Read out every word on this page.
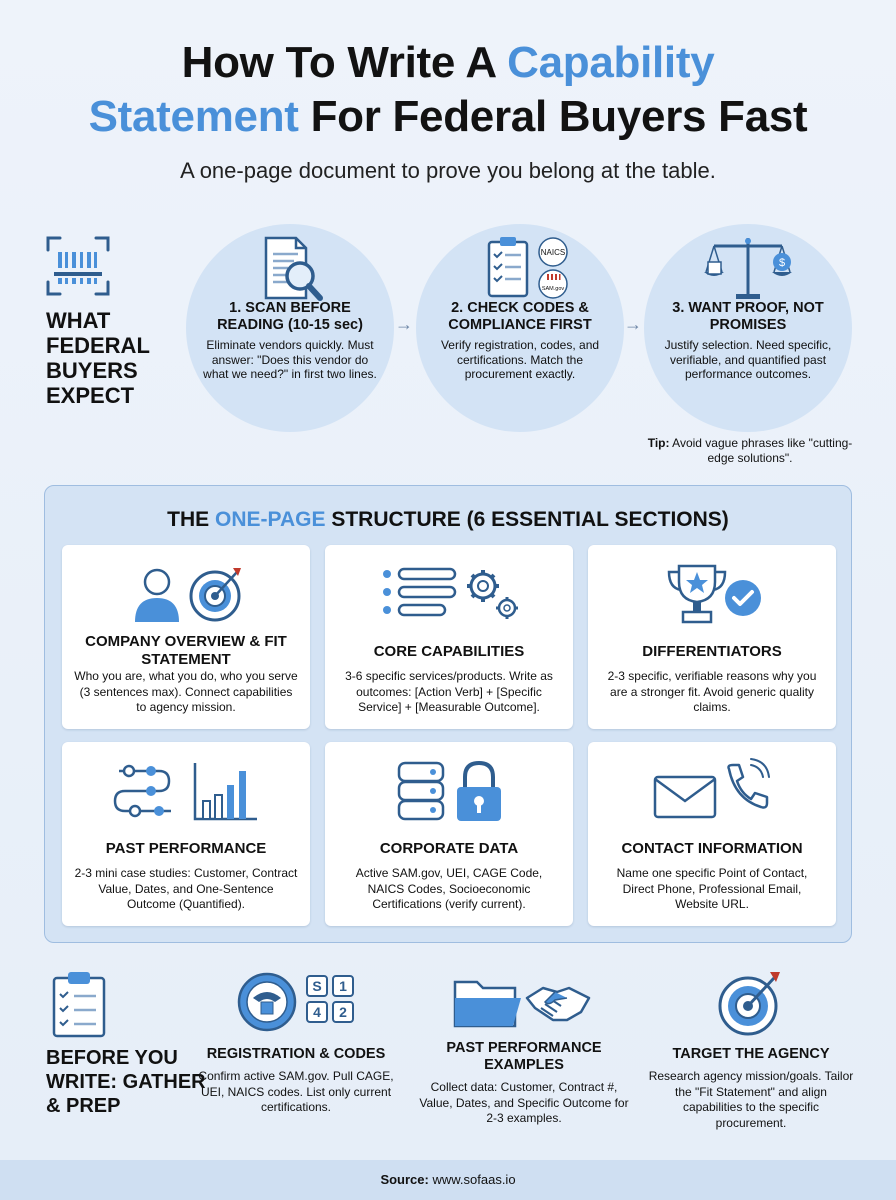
How To Write A Capability
Statement For Federal Buyers Fast
A one-page document to prove you belong at the table.
WHAT FEDERAL BUYERS EXPECT
1. SCAN BEFORE READING (10-15 sec)

Eliminate vendors quickly. Must answer: "Does this vendor do what we need?" in first two lines.

→
NAICS
SAM.gov
2. CHECK CODES & COMPLIANCE FIRST

Verify registration, codes, and certifications. Match the procurement exactly.

→
$
3. WANT PROOF, NOT PROMISES

Justify selection. Need specific, verifiable, and quantified past performance outcomes.

Tip: Avoid vague phrases like "cutting-edge solutions".
THE ONE-PAGE STRUCTURE (6 ESSENTIAL SECTIONS)
COMPANY OVERVIEW & FIT STATEMENT

Who you are, what you do, who you serve (3 sentences max). Connect capabilities to agency mission.

CORE CAPABILITIES

3-6 specific services/products. Write as outcomes: [Action Verb] + [Specific Service] + [Measurable Outcome].

DIFFERENTIATORS

2-3 specific, verifiable reasons why you are a stronger fit. Avoid generic quality claims.

PAST PERFORMANCE

2-3 mini case studies: Customer, Contract Value, Dates, and One-Sentence Outcome (Quantified).

CORPORATE DATA

Active SAM.gov, UEI, CAGE Code, NAICS Codes, Socioeconomic Certifications (verify current).

CONTACT INFORMATION

Name one specific Point of Contact, Direct Phone, Professional Email, Website URL.

BEFORE YOU WRITE: GATHER & PREP
S 1
4 2
REGISTRATION & CODES

Confirm active SAM.gov. Pull CAGE, UEI, NAICS codes. List only current certifications.

PAST PERFORMANCE EXAMPLES

Collect data: Customer, Contract #, Value, Dates, and Specific Outcome for 2-3 examples.

TARGET THE AGENCY

Research agency mission/goals. Tailor the "Fit Statement" and align capabilities to the specific procurement.

Source: www.sofaas.io
